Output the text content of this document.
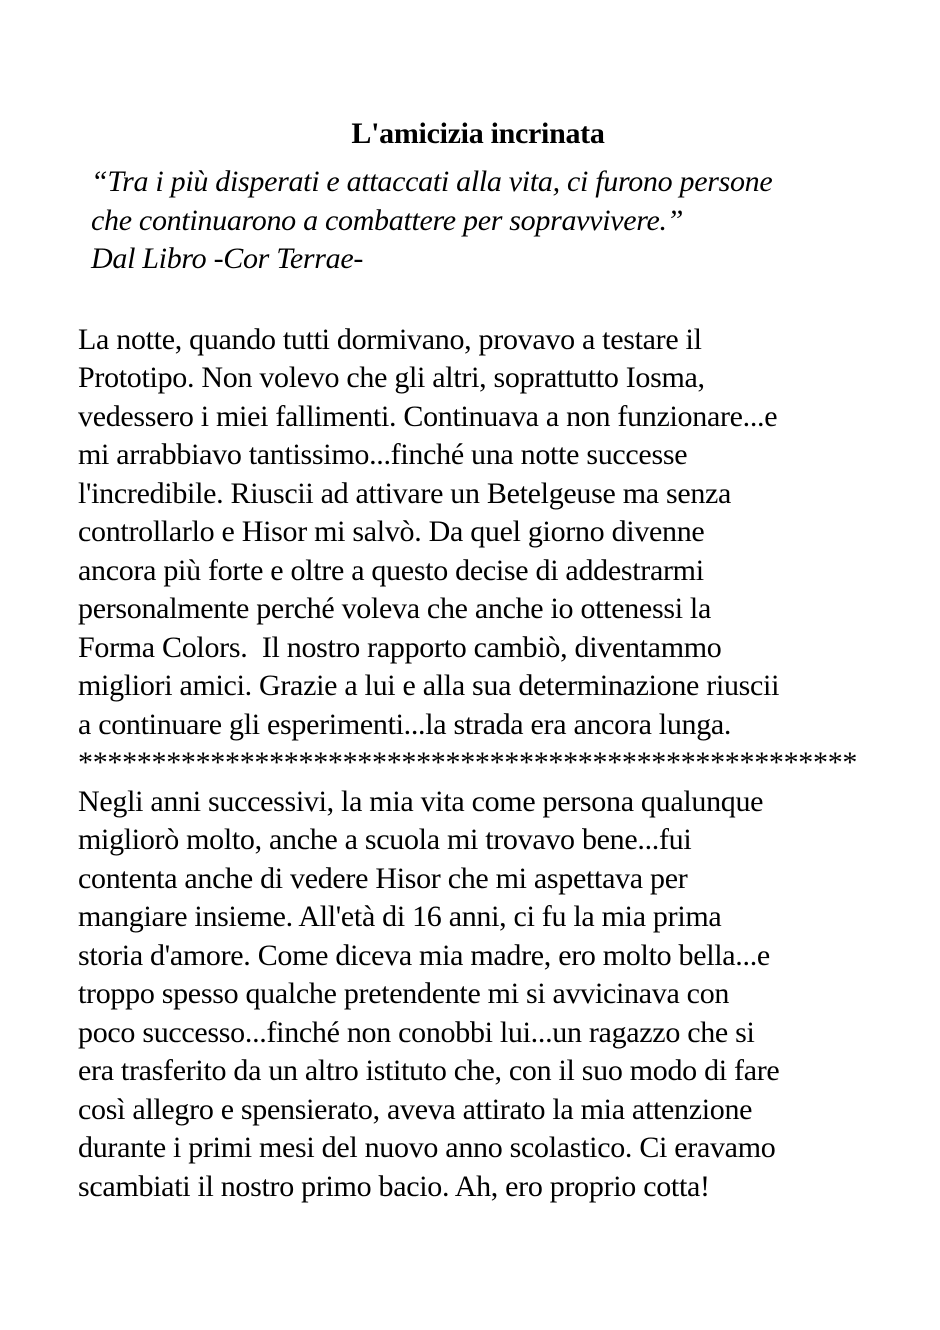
L'amicizia incrinata
“Tra i più disperati e attaccati alla vita, ci furono persone
che continuarono a combattere per sopravvivere.”
Dal Libro -Cor Terrae-
La notte, quando tutti dormivano, provavo a testare il
Prototipo. Non volevo che gli altri, soprattutto Iosma,
vedessero i miei fallimenti. Continuava a non funzionare...e
mi arrabbiavo tantissimo...finché una notte successe
l'incredibile. Riuscii ad attivare un Betelgeuse ma senza
controllarlo e Hisor mi salvò. Da quel giorno divenne
ancora più forte e oltre a questo decise di addestrarmi
personalmente perché voleva che anche io ottenessi la
Forma Colors.  Il nostro rapporto cambiò, diventammo
migliori amici. Grazie a lui e alla sua determinazione riuscii
a continuare gli esperimenti...la strada era ancora lunga.
*****************************************************
Negli anni successivi, la mia vita come persona qualunque
migliorò molto, anche a scuola mi trovavo bene...fui
contenta anche di vedere Hisor che mi aspettava per
mangiare insieme. All'età di 16 anni, ci fu la mia prima
storia d'amore. Come diceva mia madre, ero molto bella...e
troppo spesso qualche pretendente mi si avvicinava con
poco successo...finché non conobbi lui...un ragazzo che si
era trasferito da un altro istituto che, con il suo modo di fare
così allegro e spensierato, aveva attirato la mia attenzione
durante i primi mesi del nuovo anno scolastico. Ci eravamo
scambiati il nostro primo bacio. Ah, ero proprio cotta!
